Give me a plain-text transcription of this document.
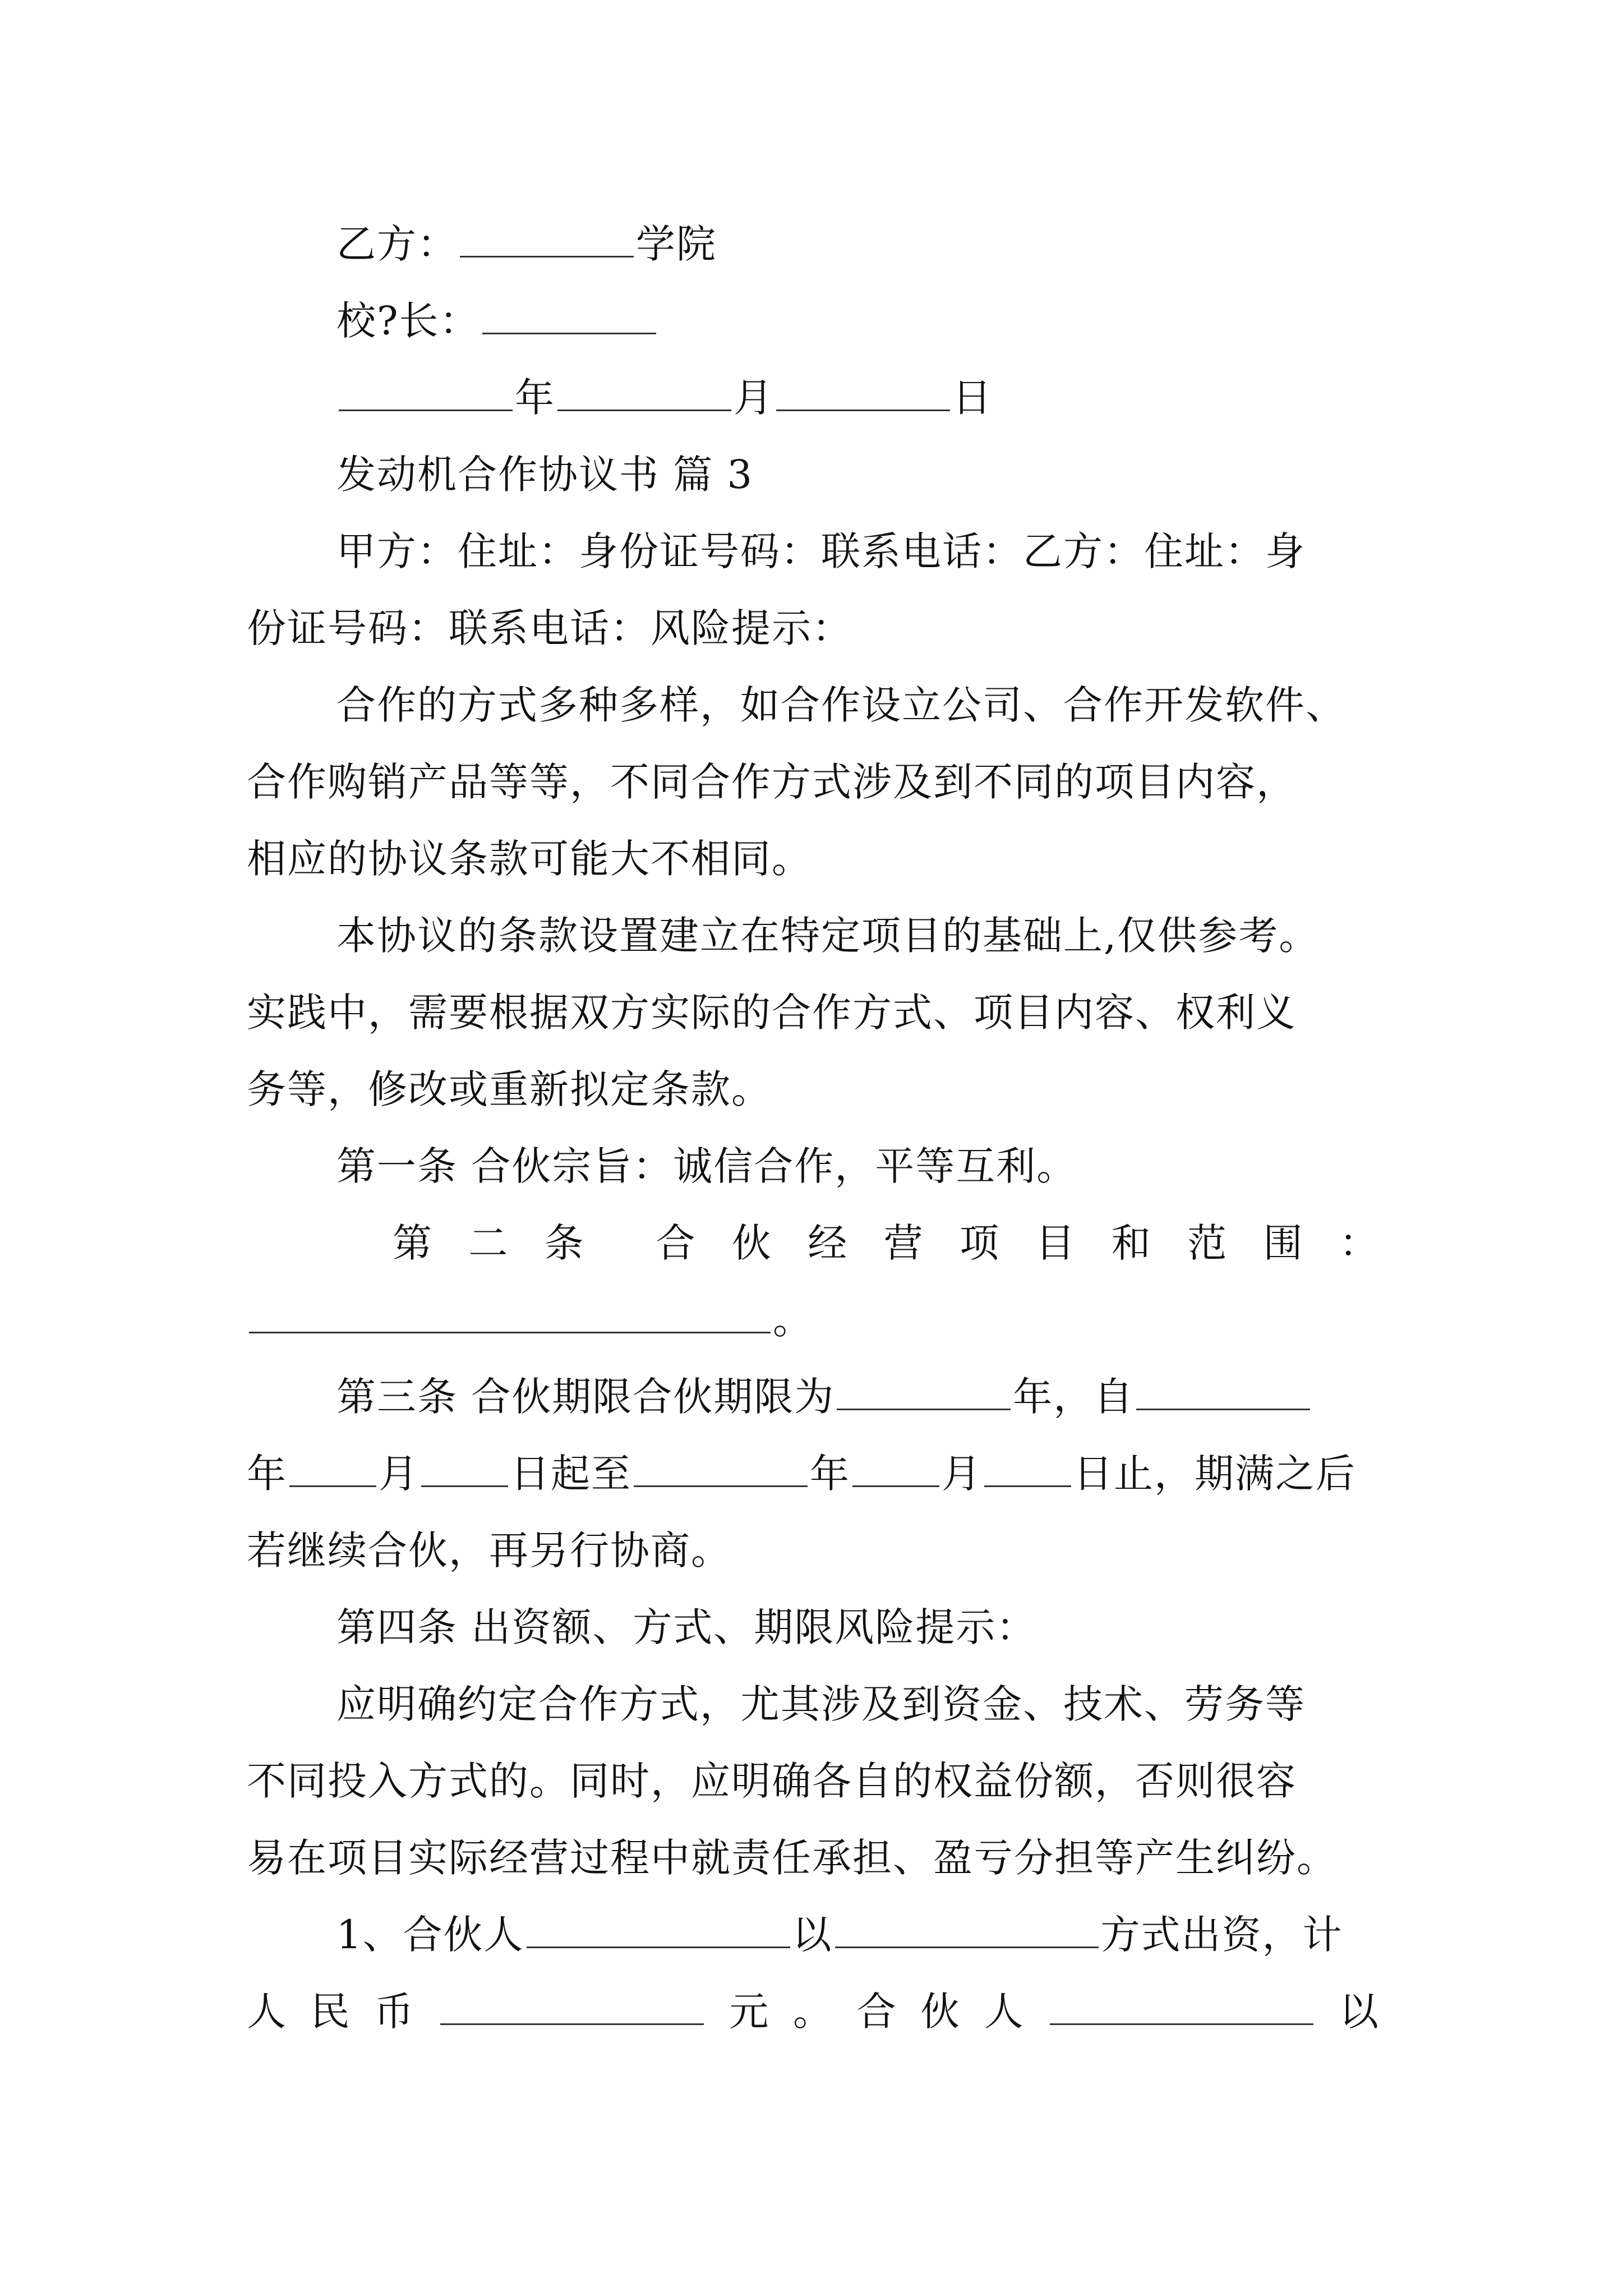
乙方：	学院
校?长：
年	月	日
发动机合作协议书 篇 3
甲方：住址：身份证号码：联系电话：乙方：住址：身
份证号码：联系电话：风险提示：
合作的方式多种多样，如合作设立公司、合作开发软件、
合作购销产品等等，不同合作方式涉及到不同的项目内容，
相应的协议条款可能大不相同。
本协议的条款设置建立在特定项目的基础上,仅供参考。
实践中，需要根据双方实际的合作方式、项目内容、权利义
务等，修改或重新拟定条款。
第一条 合伙宗旨：诚信合作，平等互利。
第 二 条 合 伙 经 营 项 目 和 范 围 ：
。
第三条 合伙期限合伙期限为	年，自
年 月 日起至	年 月 日止，期满之后
若继续合伙，再另行协商。
第四条 出资额、方式、期限风险提示：
应明确约定合作方式，尤其涉及到资金、技术、劳务等
不同投入方式的。同时，应明确各自的权益份额，否则很容
易在项目实际经营过程中就责任承担、盈亏分担等产生纠纷。
1、合伙人	以	方式出资，计
人 民 币	元 。 合 伙 人	以
